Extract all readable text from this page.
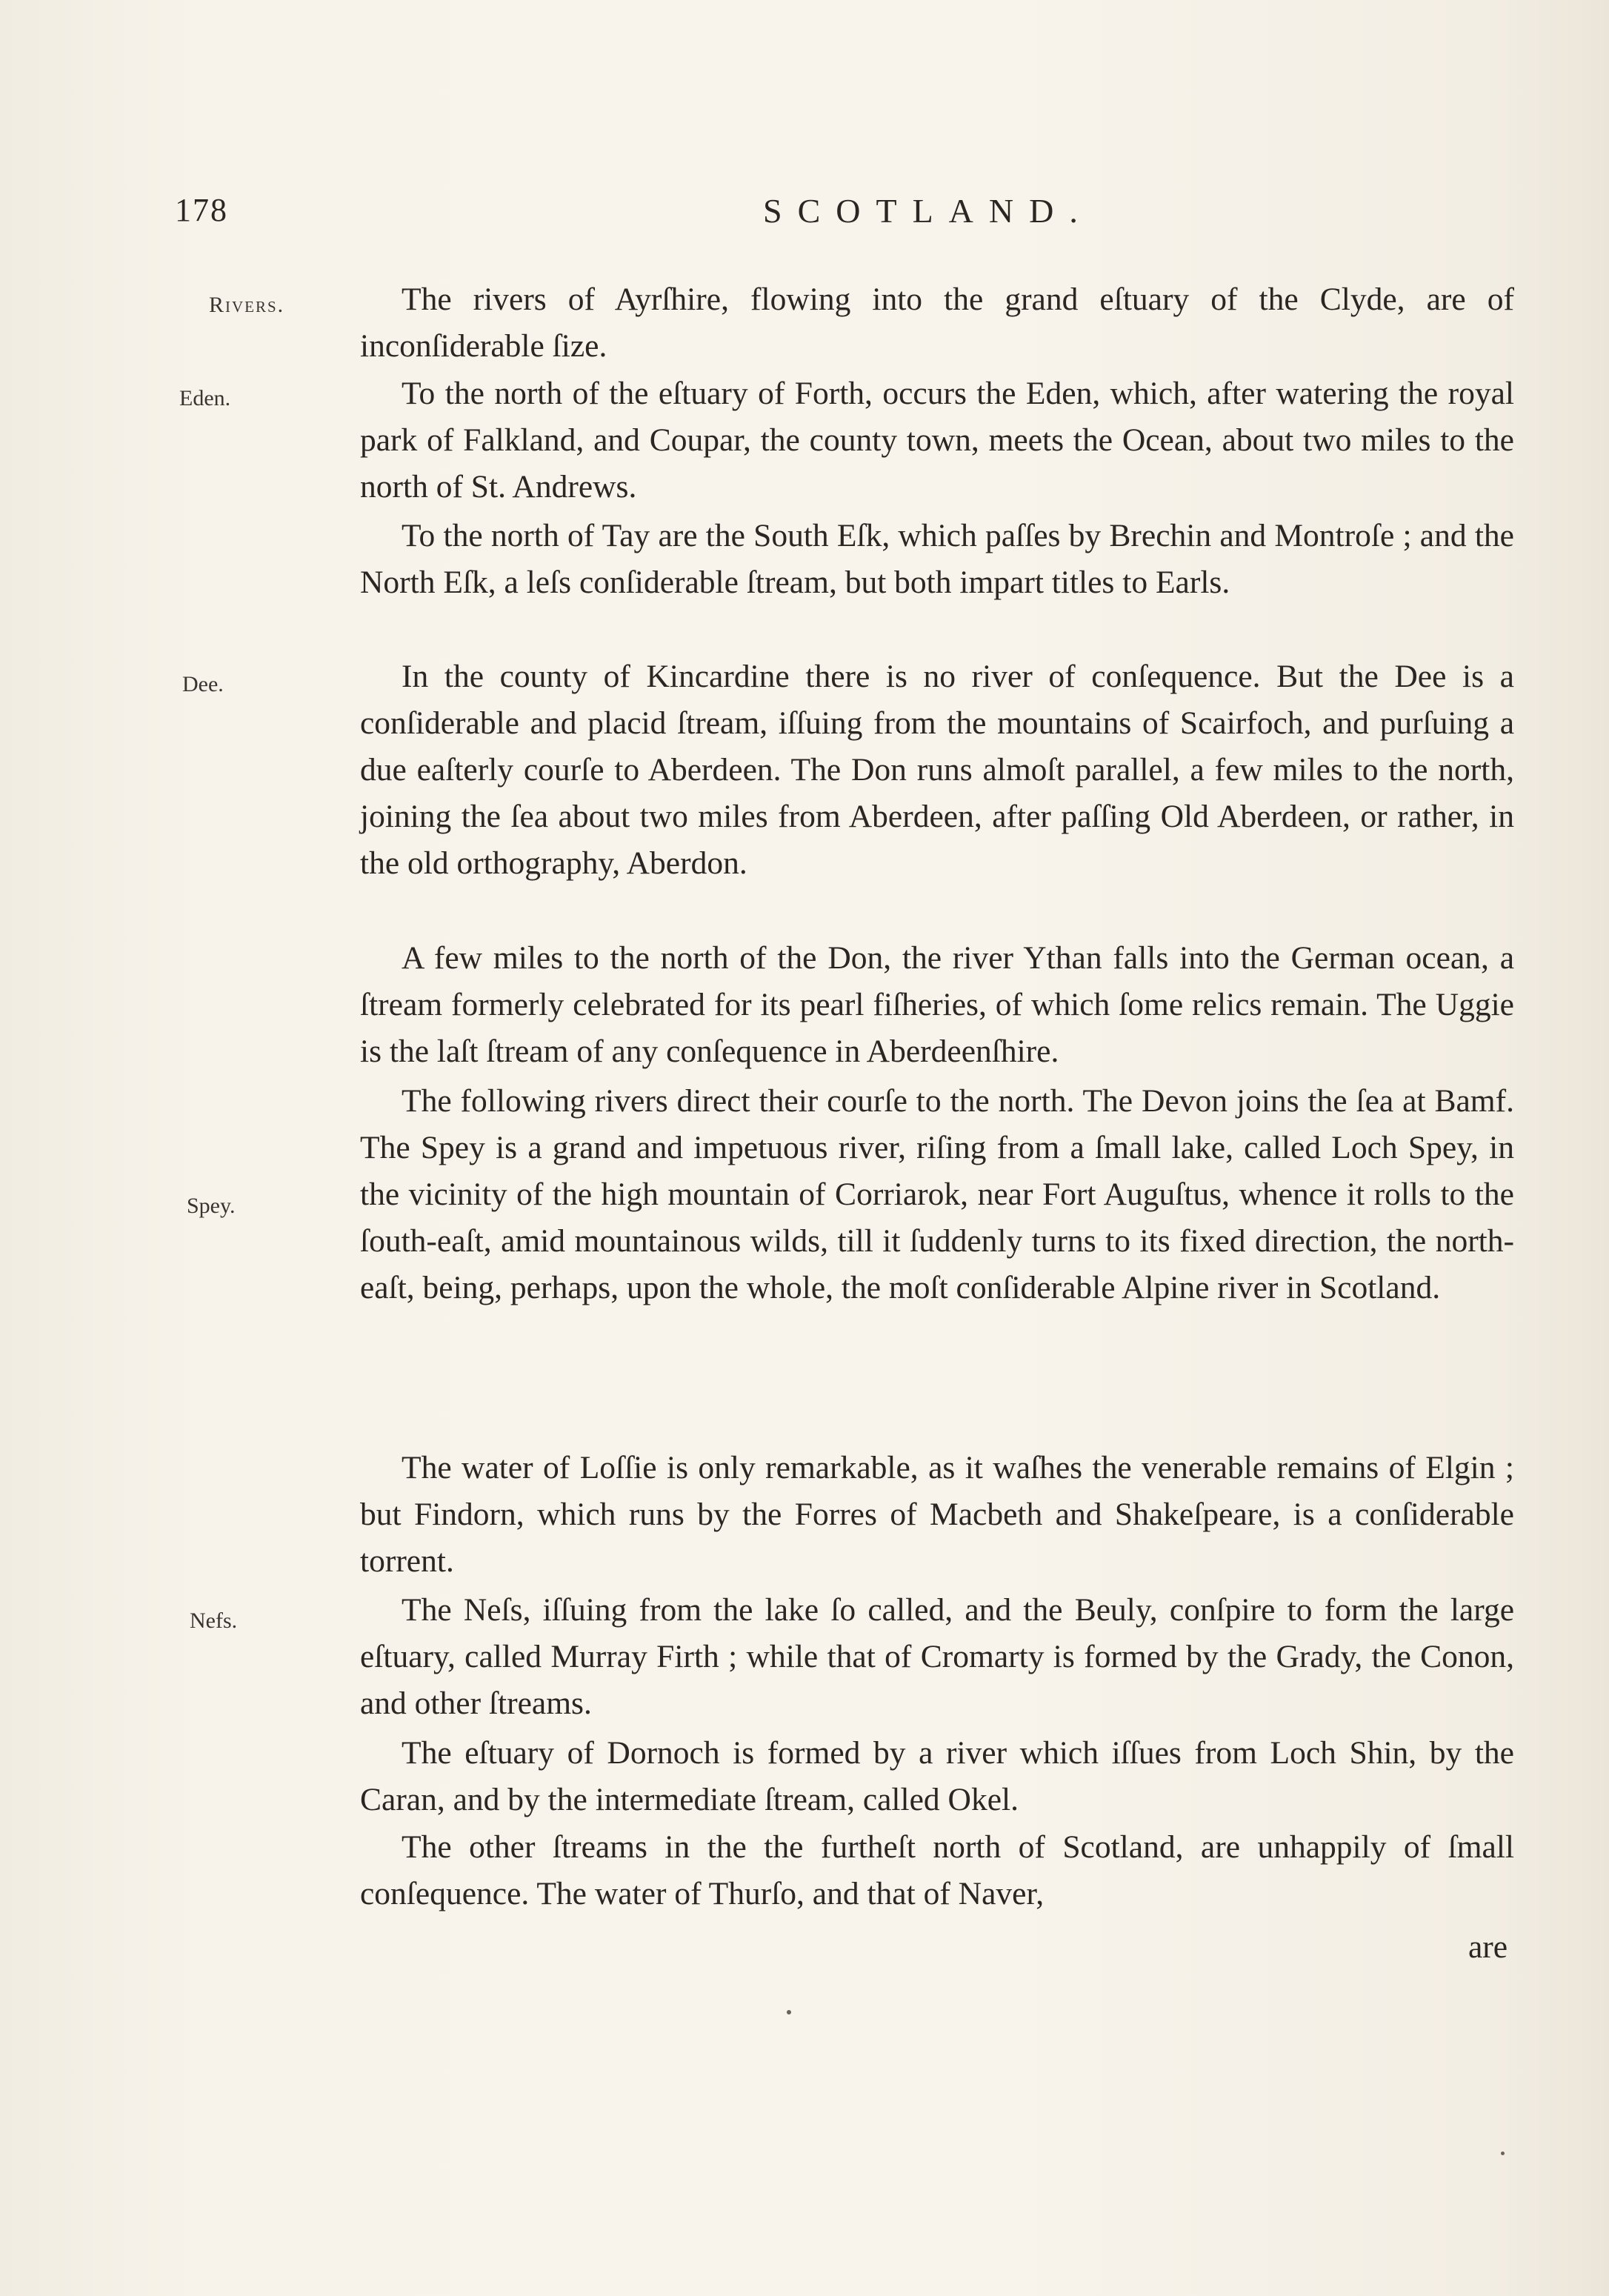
178	SCOTLAND.
Rivers.
Eden.
Dee.
Spey.
Nefs.

The rivers of Ayrſhire, flowing into the grand eſtuary of the Clyde, are of inconſiderable ſize.

To the north of the eſtuary of Forth, occurs the Eden, which, after watering the royal park of Falkland, and Coupar, the county town, meets the Ocean, about two miles to the north of St. Andrews.

To the north of Tay are the South Eſk, which paſſes by Brechin and Montroſe ; and the North Eſk, a leſs conſiderable ſtream, but both impart titles to Earls.

In the county of Kincardine there is no river of conſequence. But the Dee is a conſiderable and placid ſtream, iſſuing from the mountains of Scairfoch, and purſuing a due eaſterly courſe to Aberdeen. The Don runs almoſt parallel, a few miles to the north, joining the ſea about two miles from Aberdeen, after paſſing Old Aberdeen, or rather, in the old orthography, Aberdon.

A few miles to the north of the Don, the river Ythan falls into the German ocean, a ſtream formerly celebrated for its pearl fiſheries, of which ſome relics remain. The Uggie is the laſt ſtream of any conſequence in Aberdeenſhire.

The following rivers direct their courſe to the north. The Devon joins the ſea at Bamf. The Spey is a grand and impetuous river, riſing from a ſmall lake, called Loch Spey, in the vicinity of the high mountain of Corriarok, near Fort Auguſtus, whence it rolls to the ſouth-eaſt, amid mountainous wilds, till it ſuddenly turns to its fixed direction, the north-eaſt, being, perhaps, upon the whole, the moſt conſiderable Alpine river in Scotland.

The water of Loſſie is only remarkable, as it waſhes the venerable remains of Elgin ; but Findorn, which runs by the Forres of Macbeth and Shakeſpeare, is a conſiderable torrent.

The Neſs, iſſuing from the lake ſo called, and the Beuly, conſpire to form the large eſtuary, called Murray Firth ; while that of Cromarty is formed by the Grady, the Conon, and other ſtreams.

The eſtuary of Dornoch is formed by a river which iſſues from Loch Shin, by the Caran, and by the intermediate ſtream, called Okel.

The other ſtreams in the the furtheſt north of Scotland, are unhappily of ſmall conſequence. The water of Thurſo, and that of Naver,

are
